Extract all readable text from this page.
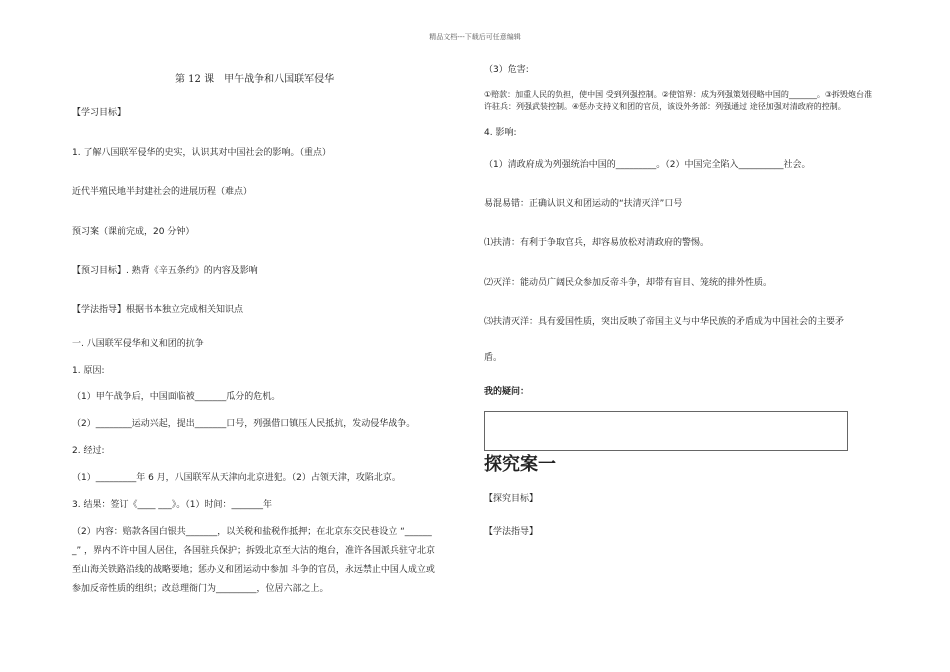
精品文档---下载后可任意编辑
第 12 课　甲午战争和八国联军侵华
【学习目标】
1. 了解八国联军侵华的史实，认识其对中国社会的影响。（重点）
近代半殖民地半封建社会的进展历程（难点）
预习案（课前完成，20 分钟）
【预习目标】. 熟背《辛五条约》的内容及影响
【学法指导】根据书本独立完成相关知识点
一. 八国联军侵华和义和团的抗争
1. 原因:
（1）甲午战争后，中国面临被_______瓜分的危机。
（2）________运动兴起，提出_______口号，列强借口镇压人民抵抗，发动侵华战争。
2. 经过:
（1）_________年 6 月，八国联军从天津向北京进犯。（2）占领天津，攻陷北京。
3. 结果：签订《____ ___》。（1）时间：_______年
（2）内容：赔款各国白银共_______，以关税和盐税作抵押；在北京东交民巷设立 “______
_” ，界内不许中国人居住，各国驻兵保护；拆毁北京至大沽的炮台，准许各国派兵驻守北京
至山海关铁路沿线的战略要地；惩办义和团运动中参加 斗争的官员，永远禁止中国人成立或
参加反帝性质的组织；改总理衙门为_________，位居六部之上。
（3）危害:
①赔款：加重人民的负担，使中国 受到列强控制。②使馆界：成为列强策划侵略中国的_______。③拆毁炮台准许驻兵：列强武装控制。④惩办支持义和团的官员，该设外务部：列强通过 途径加强对清政府的控制。
4. 影响:
（1）清政府成为列强统治中国的_________。（2）中国完全陷入__________社会。
易混易错：正确认识义和团运动的“扶清灭洋”口号
⑴扶清：有利于争取官兵，却容易放松对清政府的警惕。
⑵灭洋：能动员广阔民众参加反帝斗争，却带有盲目、笼统的排外性质。
⑶扶清灭洋：具有爱国性质，突出反映了帝国主义与中华民族的矛盾成为中国社会的主要矛
盾。
我的疑问：
探究案一
【探究目标】
【学法指导】
